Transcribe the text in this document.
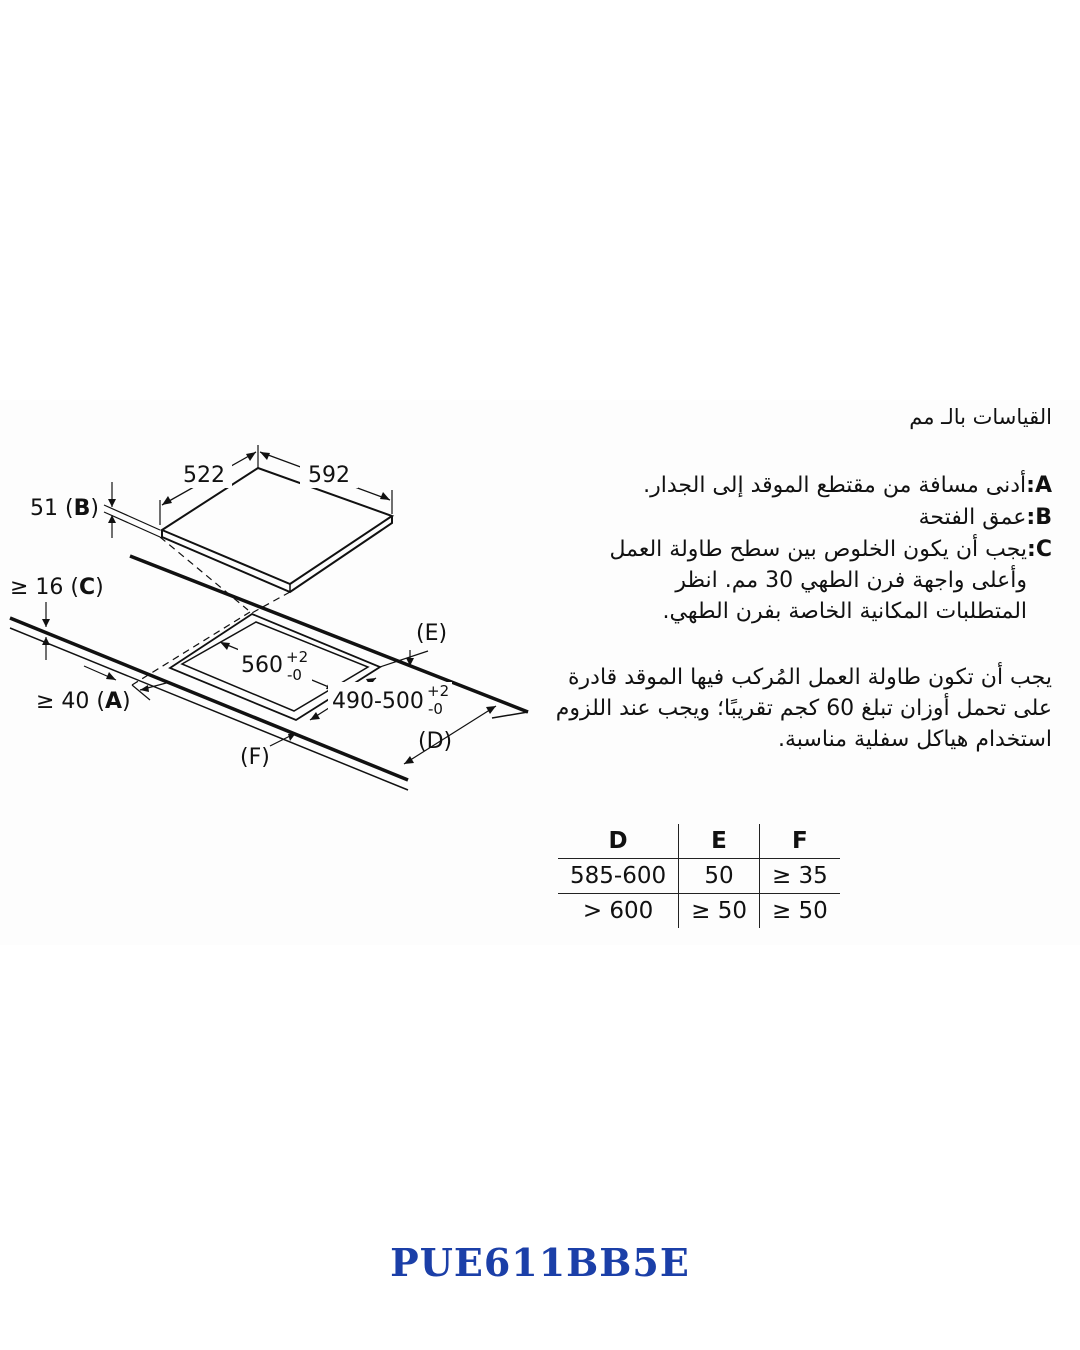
522	592
51 (B)
≥ 16 (C)
560 +2
-0
490-500 +2
-0
(E)
(D)
(F)
≥ 40 (A)
القياسات بالـ مم
A:
أدنى مسافة من مقتطع الموقد إلى الجدار.
B:
عمق الفتحة
C:
يجب أن يكون الخلوص بين سطح طاولة العمل وأعلى واجهة فرن الطهي 30 مم. انظر المتطلبات المكانية الخاصة بفرن الطهي.
يجب أن تكون طاولة العمل المُركب فيها الموقد قادرة على تحمل أوزان تبلغ 60 كجم تقريبًا؛ ويجب عند اللزوم استخدام هياكل سفلية مناسبة.
D	E	F
585-600	50	≥ 35
> 600	≥ 50	≥ 50
PUE611BB5E
